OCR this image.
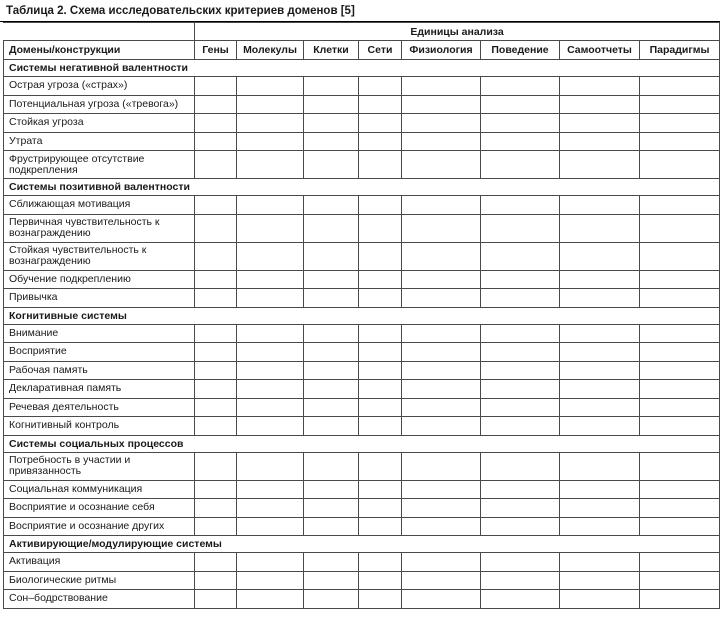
Таблица 2. Схема исследовательских критериев доменов [5]
	Единицы анализа							
Домены/конструкции	Гены	Молекулы	Клетки	Сети	Физиология	Поведение	Самоотчеты	Парадигмы
Системы негативной валентности								
Острая угроза («страх»)								
Потенциальная угроза («тревога»)								
Стойкая угроза								
Утрата								
Фрустрирующее отсутствие подкрепления								
Системы позитивной валентности								
Сближающая мотивация								
Первичная чувствительность к вознаграждению								
Стойкая чувствительность к вознаграждению								
Обучение подкреплению								
Привычка								
Когнитивные системы								
Внимание								
Восприятие								
Рабочая память								
Декларативная память								
Речевая деятельность								
Когнитивный контроль								
Системы социальных процессов								
Потребность в участии и привязанность								
Социальная коммуникация								
Восприятие и осознание себя								
Восприятие и осознание других								
Активирующие/модулирующие системы								
Активация								
Биологические ритмы								
Сон–бодрствование								
